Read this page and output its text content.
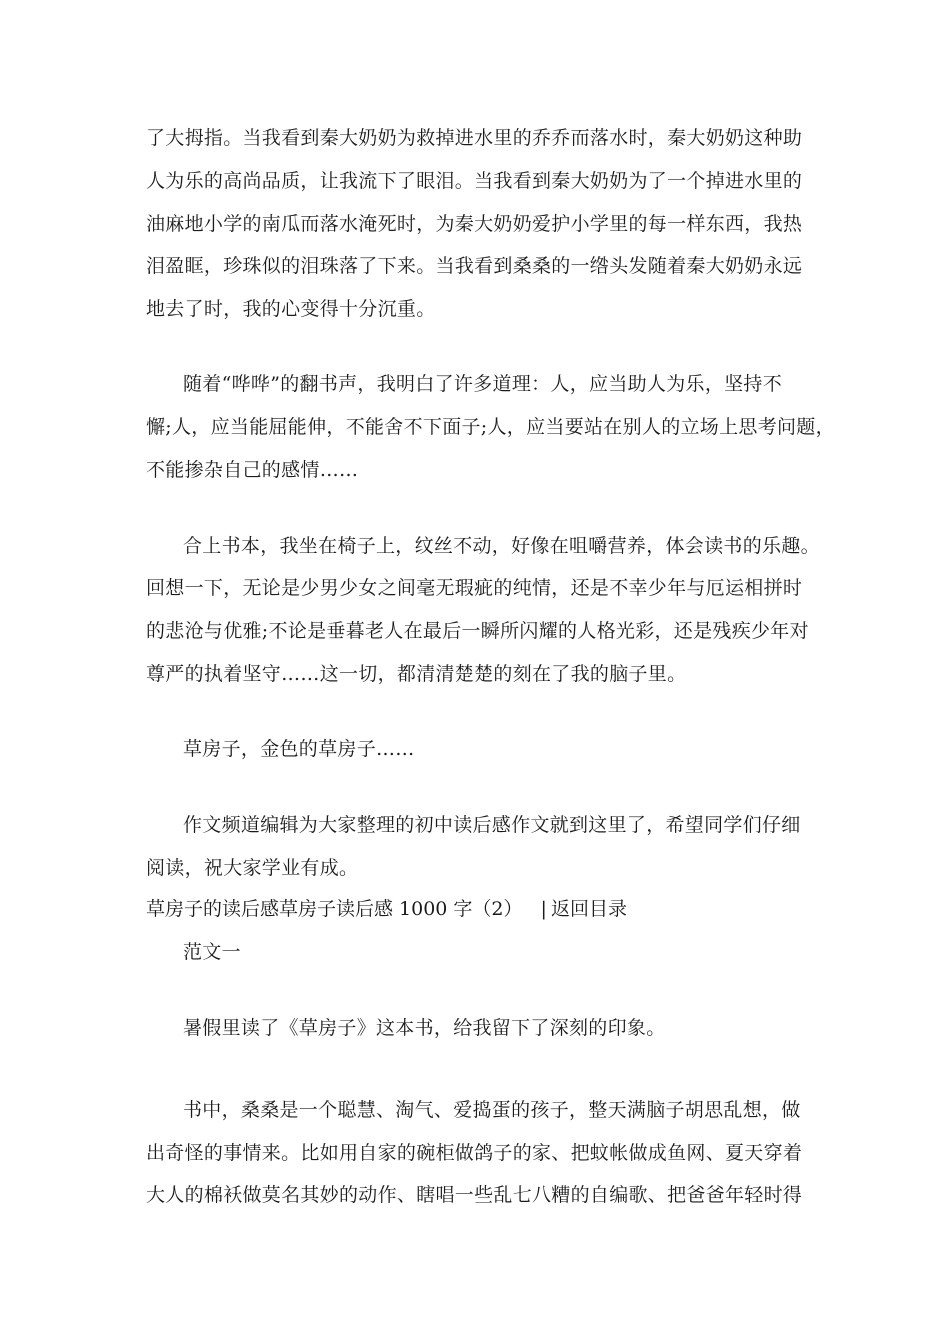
了大拇指。当我看到秦大奶奶为救掉进水里的乔乔而落水时，秦大奶奶这种助
人为乐的高尚品质，让我流下了眼泪。当我看到秦大奶奶为了一个掉进水里的
油麻地小学的南瓜而落水淹死时，为秦大奶奶爱护小学里的每一样东西，我热
泪盈眶，珍珠似的泪珠落了下来。当我看到桑桑的一绺头发随着秦大奶奶永远
地去了时，我的心变得十分沉重。
随着“哗哗”的翻书声，我明白了许多道理：人，应当助人为乐，坚持不
懈;人，应当能屈能伸，不能舍不下面子;人，应当要站在别人的立场上思考问题，
不能掺杂自己的感情……
合上书本，我坐在椅子上，纹丝不动，好像在咀嚼营养，体会读书的乐趣。
回想一下，无论是少男少女之间毫无瑕疵的纯情，还是不幸少年与厄运相拼时
的悲沧与优雅;不论是垂暮老人在最后一瞬所闪耀的人格光彩，还是残疾少年对
尊严的执着坚守……这一切，都清清楚楚的刻在了我的脑子里。
草房子，金色的草房子……
作文频道编辑为大家整理的初中读后感作文就到这里了，希望同学们仔细
阅读，祝大家学业有成。
草房子的读后感草房子读后感 1000 字（2） | 返回目录
范文一
暑假里读了《草房子》这本书，给我留下了深刻的印象。
书中，桑桑是一个聪慧、淘气、爱捣蛋的孩子，整天满脑子胡思乱想，做
出奇怪的事情来。比如用自家的碗柜做鸽子的家、把蚊帐做成鱼网、夏天穿着
大人的棉袄做莫名其妙的动作、瞎唱一些乱七八糟的自编歌、把爸爸年轻时得
